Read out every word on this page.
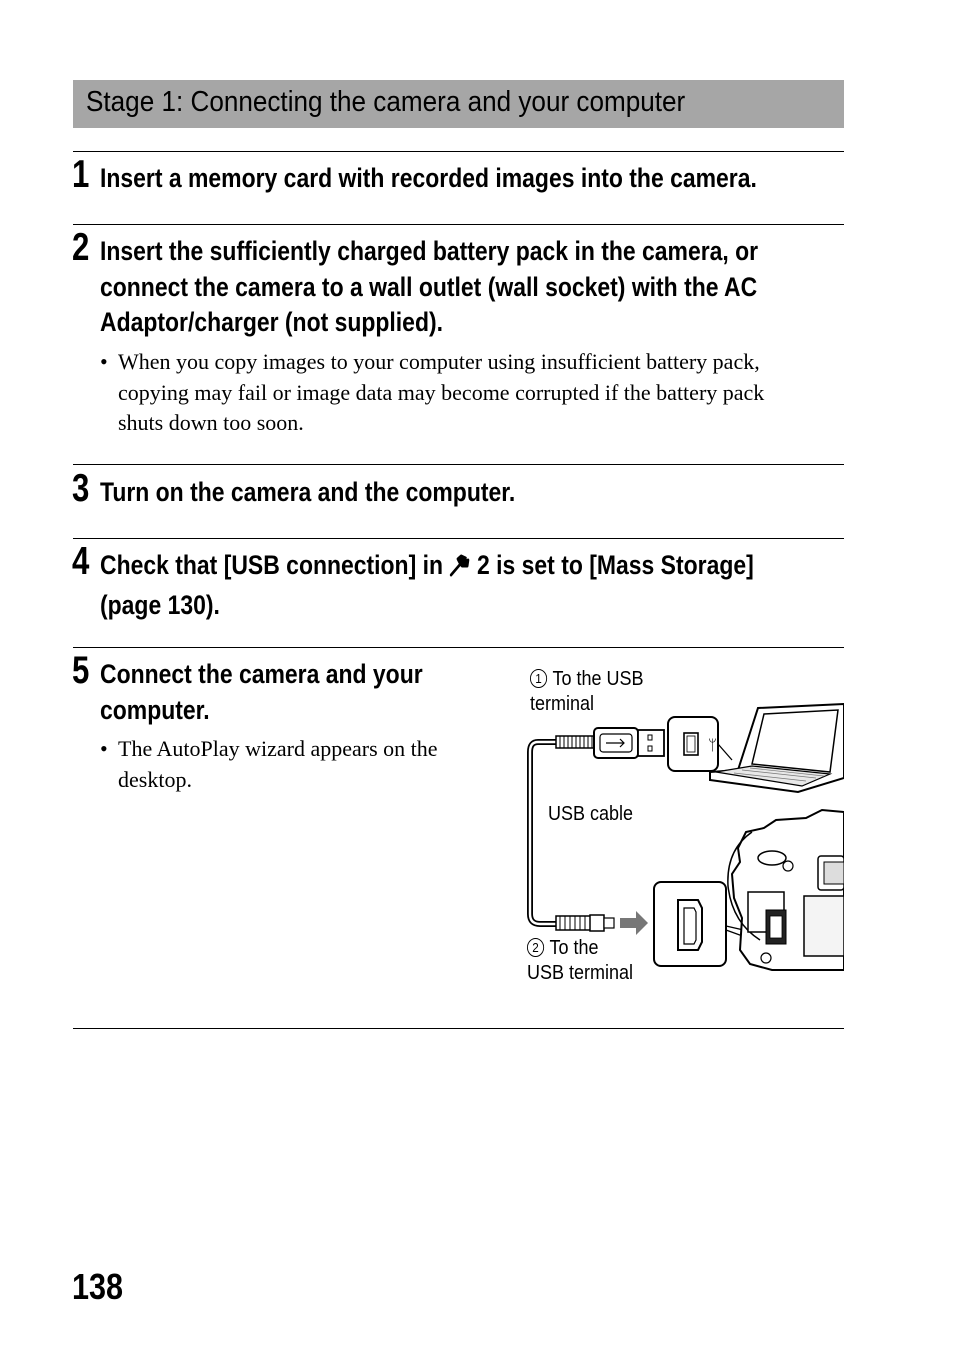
Stage 1: Connecting the camera and your computer
1 Insert a memory card with recorded images into the camera.
2 Insert the sufficiently charged battery pack in the camera, or
connect the camera to a wall outlet (wall socket) with the AC
Adaptor/charger (not supplied).
• When you copy images to your computer using insufficient battery pack,
copying may fail or image data may become corrupted if the battery pack
shuts down too soon.
3 Turn on the camera and the computer.
4 Check that [USB connection] in 2 is set to [Mass Storage]
(page 130).
5 Connect the camera and your
computer.
• The AutoPlay wizard appears on the
desktop.
ᛘ
1 To the USB
terminal
USB cable
2 To the
USB terminal
138
